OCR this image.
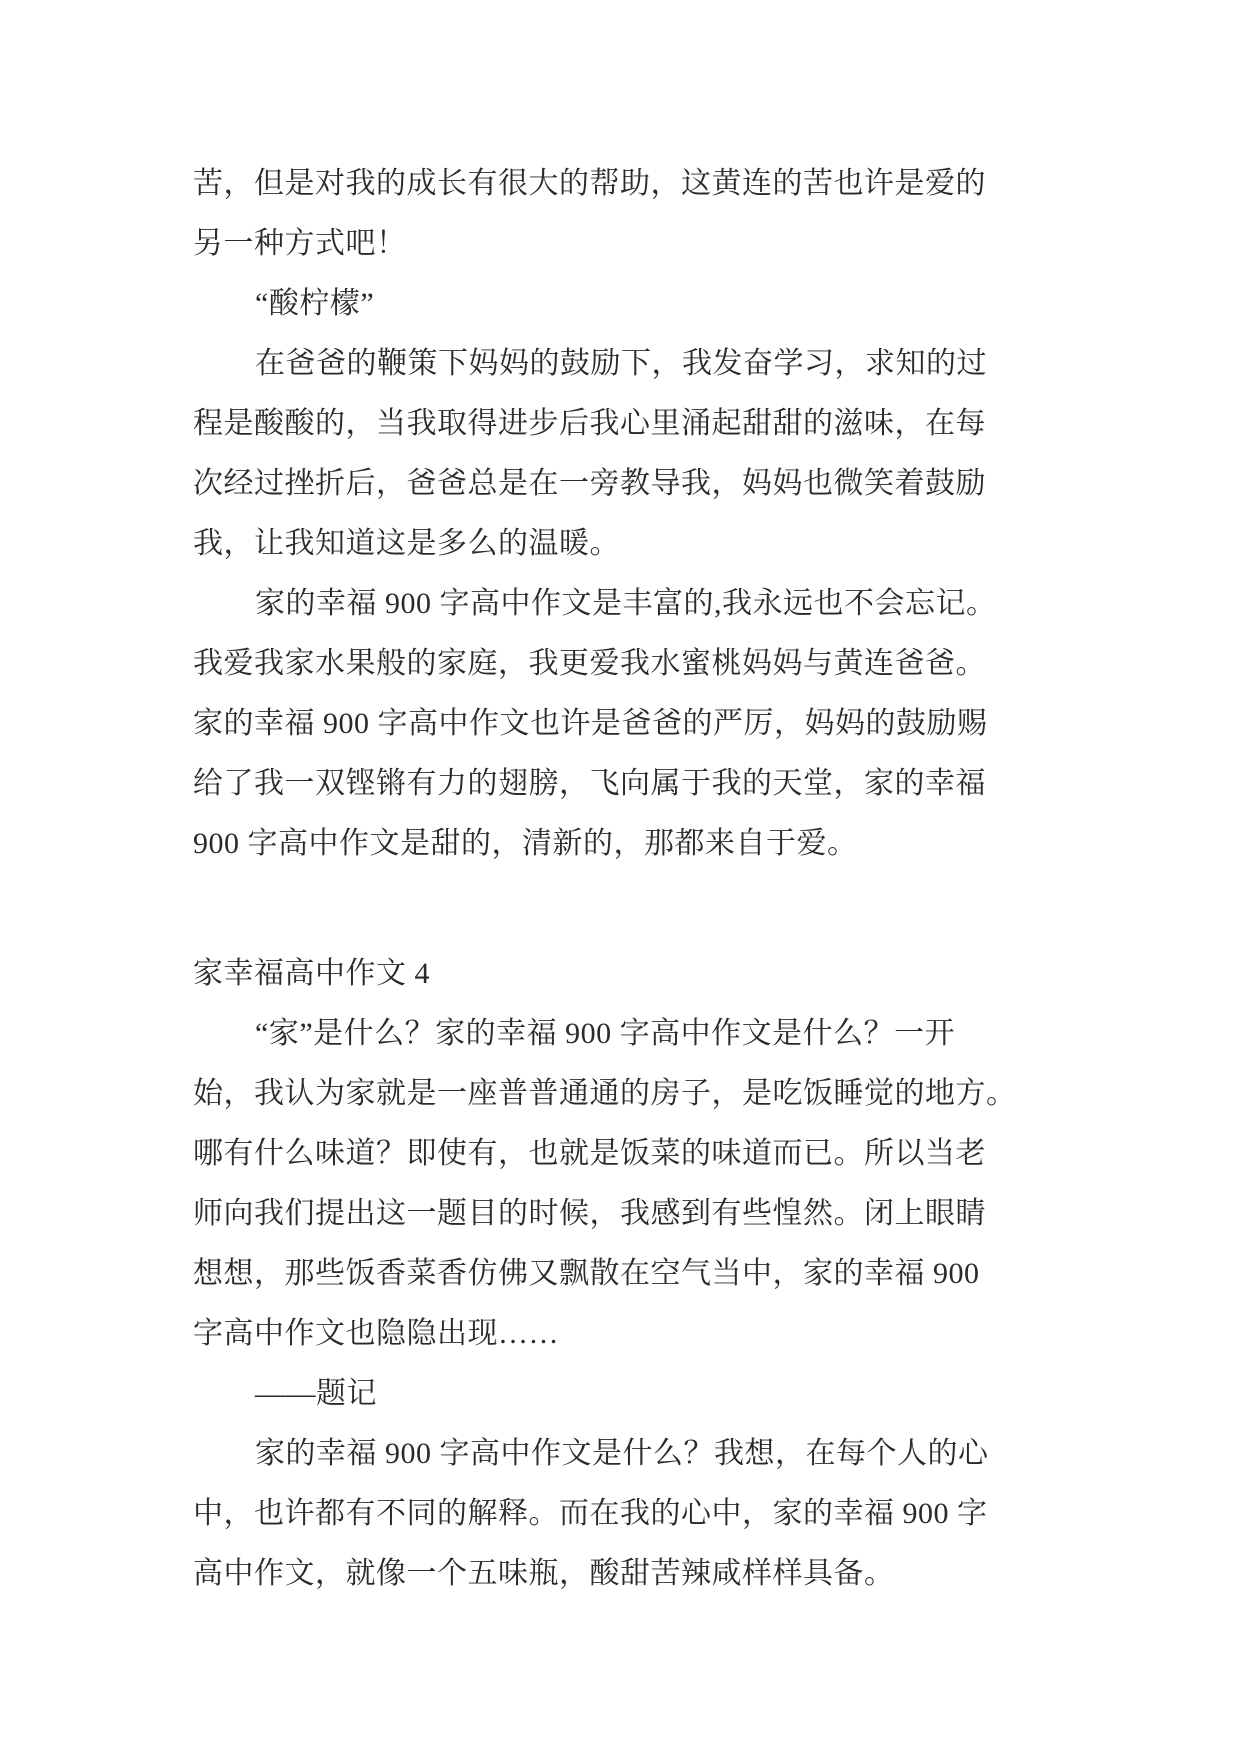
苦，但是对我的成长有很大的帮助，这黄连的苦也许是爱的
另一种方式吧！
“酸柠檬”
在爸爸的鞭策下妈妈的鼓励下，我发奋学习，求知的过
程是酸酸的，当我取得进步后我心里涌起甜甜的滋味，在每
次经过挫折后，爸爸总是在一旁教导我，妈妈也微笑着鼓励
我，让我知道这是多么的温暖。
家的幸福 900 字高中作文是丰富的,我永远也不会忘记。
我爱我家水果般的家庭，我更爱我水蜜桃妈妈与黄连爸爸。
家的幸福 900 字高中作文也许是爸爸的严厉，妈妈的鼓励赐
给了我一双铿锵有力的翅膀，飞向属于我的天堂，家的幸福
900 字高中作文是甜的，清新的，那都来自于爱。
家幸福高中作文 4
“家”是什么？家的幸福 900 字高中作文是什么？一开
始，我认为家就是一座普普通通的房子，是吃饭睡觉的地方。
哪有什么味道？即使有，也就是饭菜的味道而已。所以当老
师向我们提出这一题目的时候，我感到有些惶然。闭上眼睛
想想，那些饭香菜香仿佛又飘散在空气当中，家的幸福 900
字高中作文也隐隐出现……
——题记
家的幸福 900 字高中作文是什么？我想，在每个人的心
中，也许都有不同的解释。而在我的心中，家的幸福 900 字
高中作文，就像一个五味瓶，酸甜苦辣咸样样具备。
